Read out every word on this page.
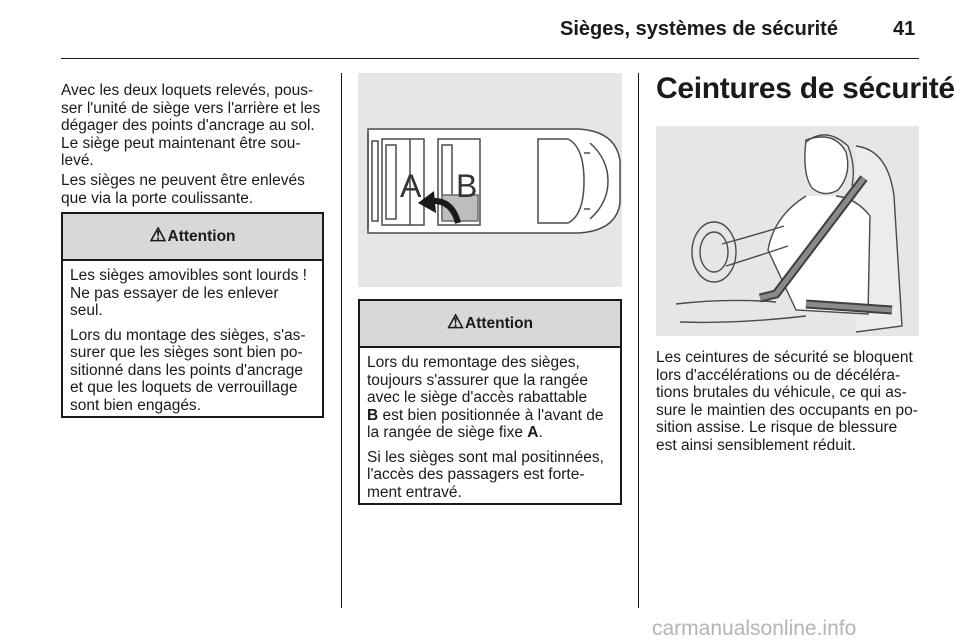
Sièges, systèmes de sécurité	41

Avec les deux loquets relevés, pous-
ser l'unité de siège vers l'arrière et les
dégager des points d'ancrage au sol.
Le siège peut maintenant être sou-
levé.

Les sièges ne peuvent être enlevés
que via la porte coulissante.

⚠ Attention

Les sièges amovibles sont lourds !
Ne pas essayer de les enlever
seul.

Lors du montage des sièges, s'as-
surer que les sièges sont bien po-
sitionné dans les points d'ancrage
et que les loquets de verrouillage
sont bien engagés.

A B
⚠ Attention

Lors du remontage des sièges,
toujours s'assurer que la rangée
avec le siège d'accès rabattable
B est bien positionnée à l'avant de
la rangée de siège fixe A.

Si les sièges sont mal positinnées,
l'accès des passagers est forte-
ment entravé.

Ceintures de sécurité

Les ceintures de sécurité se bloquent
lors d'accélérations ou de décéléra-
tions brutales du véhicule, ce qui as-
sure le maintien des occupants en po-
sition assise. Le risque de blessure
est ainsi sensiblement réduit.

carmanualsonline.info
